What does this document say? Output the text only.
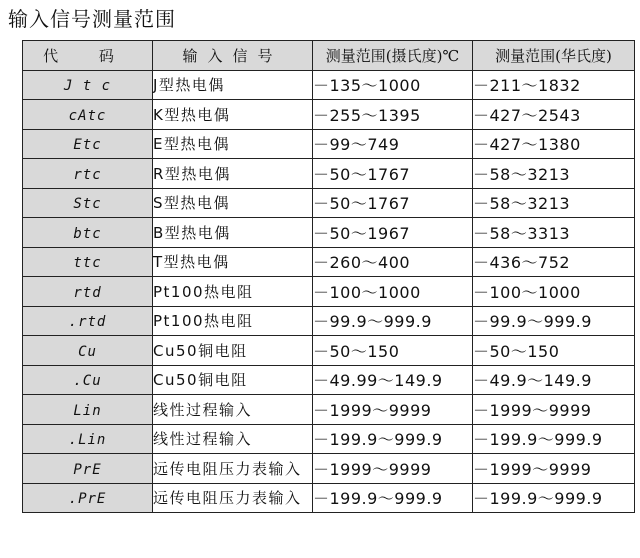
输入信号测量范围
代 码	输入信号	测量范围(摄氏度)℃	测量范围(华氏度)
J t c	J型热电偶	－135～1000	－211～1832
cAtc	K型热电偶	－255～1395	－427～2543
Etc	E型热电偶	－99～749	－427～1380
rtc	R型热电偶	－50～1767	－58～3213
Stc	S型热电偶	－50～1767	－58～3213
btc	B型热电偶	－50～1967	－58～3313
ttc	T型热电偶	－260～400	－436～752
rtd	Pt100热电阻	－100～1000	－100～1000
.rtd	Pt100热电阻	－99.9～999.9	－99.9～999.9
Cu	Cu50铜电阻	－50～150	－50～150
.Cu	Cu50铜电阻	－49.99～149.9	－49.9～149.9
Lin	线性过程输入	－1999～9999	－1999～9999
.Lin	线性过程输入	－199.9～999.9	－199.9～999.9
PrE	远传电阻压力表输入	－1999～9999	－1999～9999
.PrE	远传电阻压力表输入	－199.9～999.9	－199.9～999.9
